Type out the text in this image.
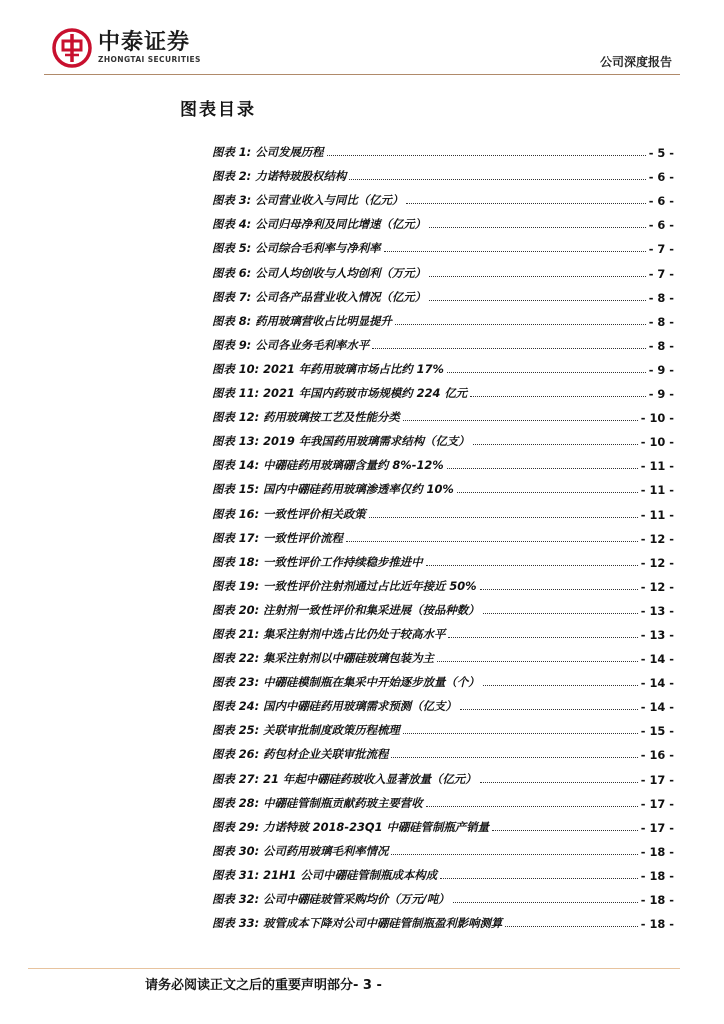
中泰证券
ZHONGTAI SECURITIES	公司深度报告
图表目录
图表 1: 公司发展历程	- 5 -
图表 2: 力诺特玻股权结构	- 6 -
图表 3: 公司营业收入与同比（亿元）	- 6 -
图表 4: 公司归母净利及同比增速（亿元）	- 6 -
图表 5: 公司综合毛利率与净利率	- 7 -
图表 6: 公司人均创收与人均创利（万元）	- 7 -
图表 7: 公司各产品营业收入情况（亿元）	- 8 -
图表 8: 药用玻璃营收占比明显提升	- 8 -
图表 9: 公司各业务毛利率水平	- 8 -
图表 10: 2021 年药用玻璃市场占比约 17%	- 9 -
图表 11: 2021 年国内药玻市场规模约 224 亿元	- 9 -
图表 12: 药用玻璃按工艺及性能分类	- 10 -
图表 13: 2019 年我国药用玻璃需求结构（亿支）	- 10 -
图表 14: 中硼硅药用玻璃硼含量约 8%-12%	- 11 -
图表 15: 国内中硼硅药用玻璃渗透率仅约 10%	- 11 -
图表 16: 一致性评价相关政策	- 11 -
图表 17: 一致性评价流程	- 12 -
图表 18: 一致性评价工作持续稳步推进中	- 12 -
图表 19: 一致性评价注射剂通过占比近年接近 50%	- 12 -
图表 20: 注射剂一致性评价和集采进展（按品种数）	- 13 -
图表 21: 集采注射剂中选占比仍处于较高水平	- 13 -
图表 22: 集采注射剂以中硼硅玻璃包装为主	- 14 -
图表 23: 中硼硅模制瓶在集采中开始逐步放量（个）	- 14 -
图表 24: 国内中硼硅药用玻璃需求预测（亿支）	- 14 -
图表 25: 关联审批制度政策历程梳理	- 15 -
图表 26: 药包材企业关联审批流程	- 16 -
图表 27: 21 年起中硼硅药玻收入显著放量（亿元）	- 17 -
图表 28: 中硼硅管制瓶贡献药玻主要营收	- 17 -
图表 29: 力诺特玻 2018-23Q1 中硼硅管制瓶产销量	- 17 -
图表 30: 公司药用玻璃毛利率情况	- 18 -
图表 31: 21H1 公司中硼硅管制瓶成本构成	- 18 -
图表 32: 公司中硼硅玻管采购均价（万元/吨）	- 18 -
图表 33: 玻管成本下降对公司中硼硅管制瓶盈利影响测算	- 18 -
请务必阅读正文之后的重要声明部分- 3 -
